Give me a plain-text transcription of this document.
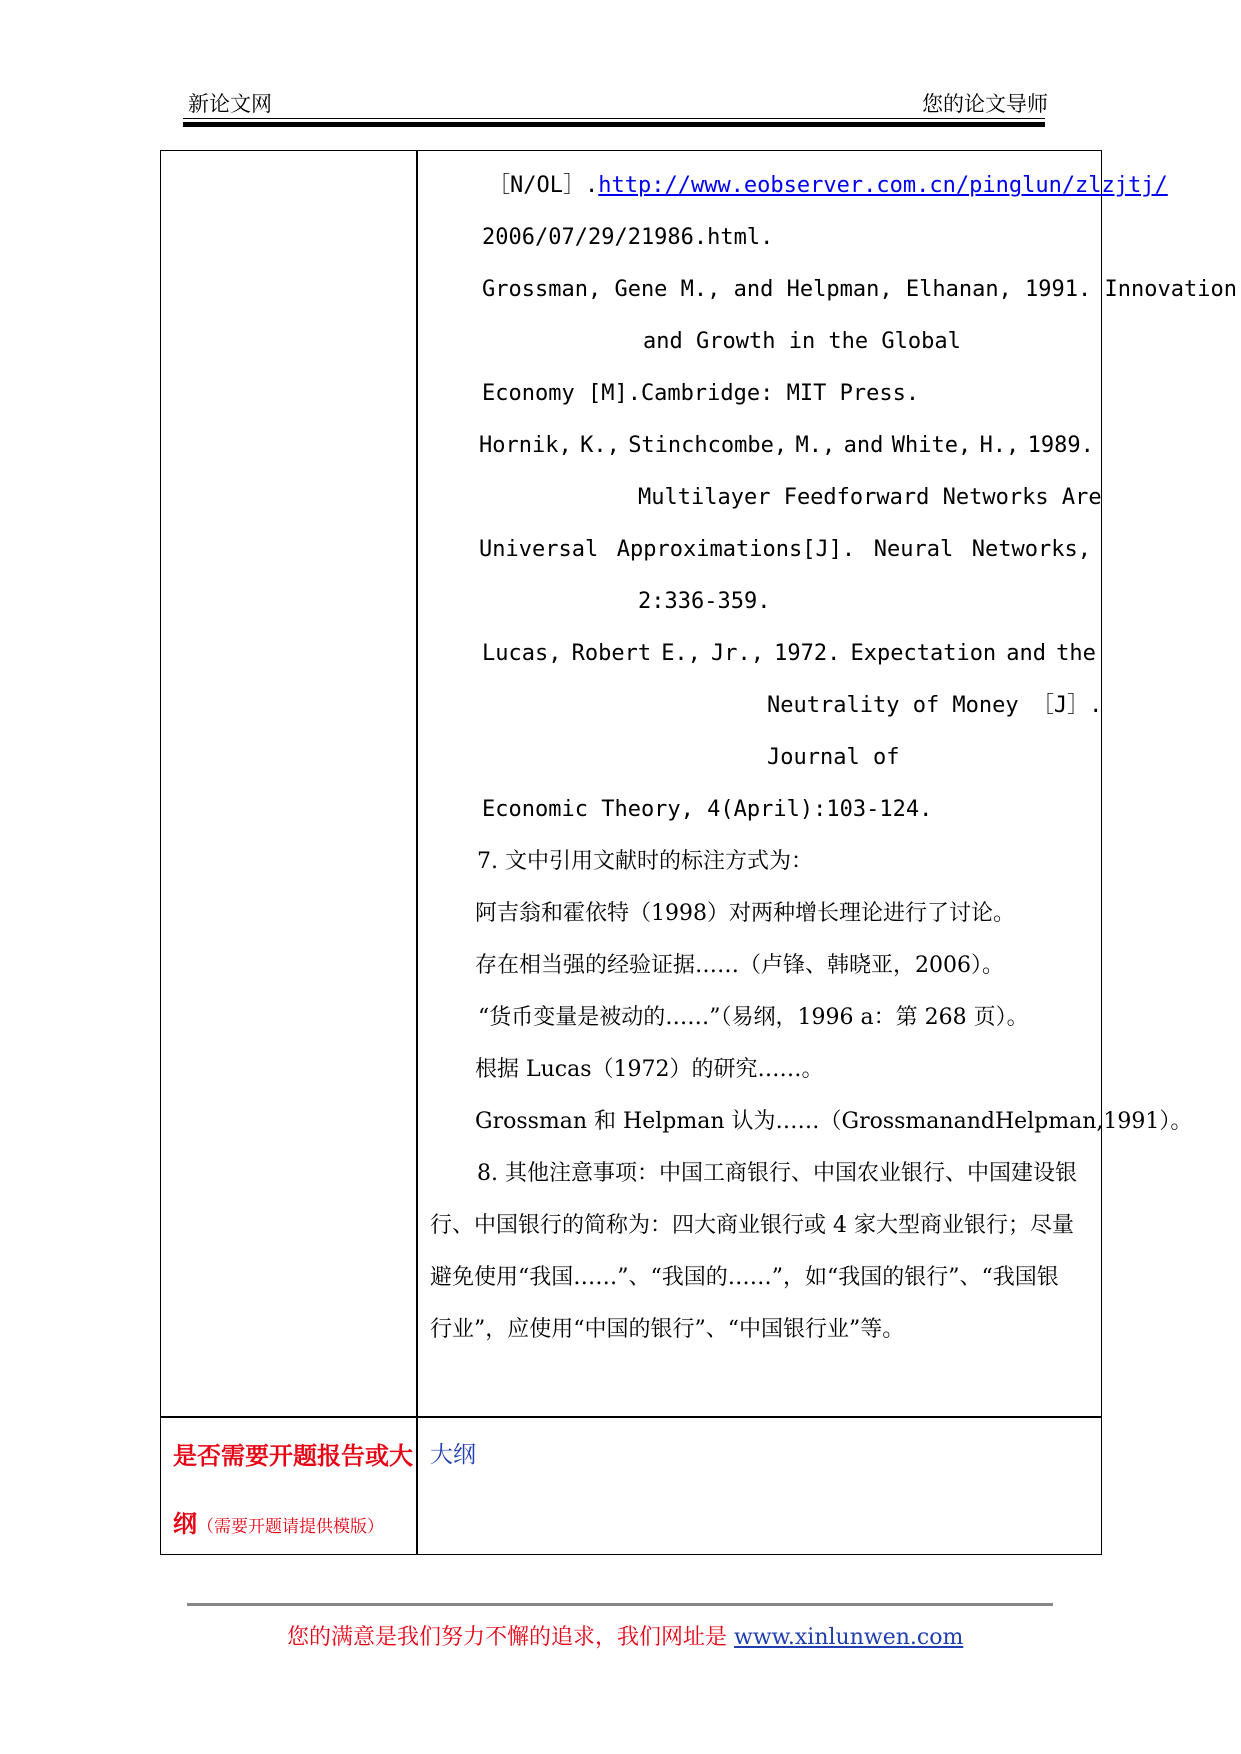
新论文网	您的论文导师
［N/OL］.http://www.eobserver.com.cn/pinglun/zlzjtj/
2006/07/29/21986.html.
Grossman, Gene M., and Helpman, Elhanan, 1991. Innovation
and Growth in the Global
Economy [M].Cambridge: MIT Press.
Hornik, K., Stinchcombe, M., and White, H., 1989.
Multilayer Feedforward Networks Are
Universal Approximations[J]. Neural Networks,
2:336-359.
Lucas, Robert E., Jr., 1972. Expectation and the
Neutrality of Money ［J］.
Journal of
Economic Theory, 4(April):103-124.
7. 文中引用文献时的标注方式为：
阿吉翁和霍依特（1998）对两种增长理论进行了讨论。
存在相当强的经验证据……（卢锋、韩晓亚，2006）。
“货币变量是被动的……”（易纲，1996 a：第 268 页）。
根据 Lucas（1972）的研究……。
Grossman 和 Helpman 认为……（GrossmanandHelpman,1991）。
8. 其他注意事项：中国工商银行、中国农业银行、中国建设银
行、中国银行的简称为：四大商业银行或 4 家大型商业银行；尽量
避免使用“我国……”、“我国的……”，如“我国的银行”、“我国银
行业”，应使用“中国的银行”、“中国银行业”等。
是否需要开题报告或大
纲（需要开题请提供模版）
大纲
您的满意是我们努力不懈的追求，我们网址是 www.xinlunwen.com
